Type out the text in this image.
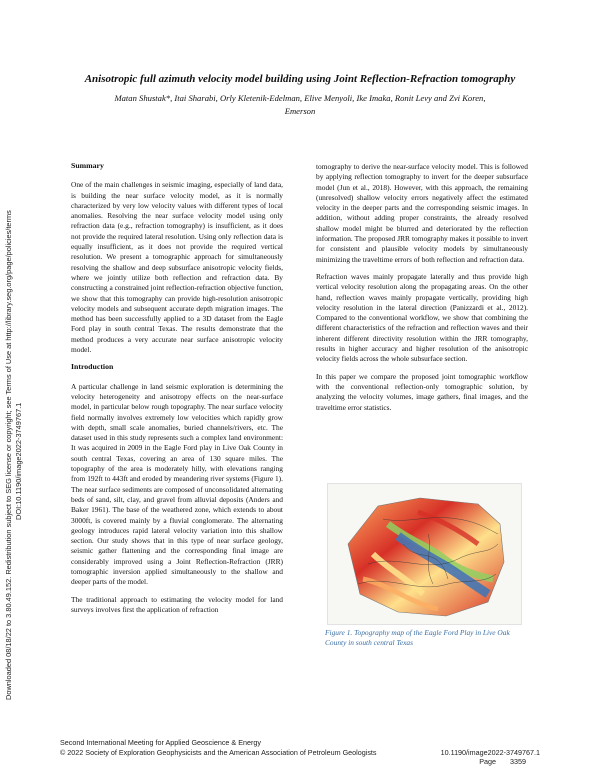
Downloaded 08/18/22 to 3.80.49.152. Redistribution subject to SEG license or copyright; see Terms of Use at http://library.seg.org/page/policies/terms DOI:10.1190/image2022-3749767.1
Anisotropic full azimuth velocity model building using Joint Reflection-Refraction tomography
Matan Shustak*, Itai Sharabi, Orly Kletenik-Edelman, Elive Menyoli, Ike Imaka, Ronit Levy and Zvi Koren,
Emerson
Summary

One of the main challenges in seismic imaging, especially of land data, is building the near surface velocity model, as it is normally characterized by very low velocity values with different types of local anomalies. Resolving the near surface velocity model using only refraction data (e.g., refraction tomography) is insufficient, as it does not provide the required lateral resolution. Using only reflection data is equally insufficient, as it does not provide the required vertical resolution. We present a tomographic approach for simultaneously resolving the shallow and deep subsurface anisotropic velocity fields, where we jointly utilize both reflection and refraction data. By constructing a constrained joint reflection-refraction objective function, we show that this tomography can provide high-resolution anisotropic velocity models and subsequent accurate depth migration images. The method has been successfully applied to a 3D dataset from the Eagle Ford play in south central Texas. The results demonstrate that the method produces a very accurate near surface anisotropic velocity model.

Introduction

A particular challenge in land seismic exploration is determining the velocity heterogeneity and anisotropy effects on the near-surface model, in particular below rough topography. The near surface velocity field normally involves extremely low velocities which rapidly grow with depth, small scale anomalies, buried channels/rivers, etc. The dataset used in this study represents such a complex land environment: It was acquired in 2009 in the Eagle Ford play in Live Oak County in south central Texas, covering an area of 130 square miles. The topography of the area is moderately hilly, with elevations ranging from 192ft to 443ft and eroded by meandering river systems (Figure 1). The near surface sediments are composed of unconsolidated alternating beds of sand, silt, clay, and gravel from alluvial deposits (Anders and Baker 1961). The base of the weathered zone, which extends to about 3000ft, is covered mainly by a fluvial conglomerate. The alternating geology introduces rapid lateral velocity variation into this shallow section. Our study shows that in this type of near surface geology, seismic gather flattening and the corresponding final image are considerably improved using a Joint Reflection-Refraction (JRR) tomographic inversion applied simultaneously to the shallow and deeper parts of the model.

The traditional approach to estimating the velocity model for land surveys involves first the application of refraction

tomography to derive the near-surface velocity model. This is followed by applying reflection tomography to invert for the deeper subsurface model (Jun et al., 2018). However, with this approach, the remaining (unresolved) shallow velocity errors negatively affect the estimated velocity in the deeper parts and the corresponding seismic images. In addition, without adding proper constraints, the already resolved shallow model might be blurred and deteriorated by the reflection information. The proposed JRR tomography makes it possible to invert for consistent and plausible velocity models by simultaneously minimizing the traveltime errors of both reflection and refraction data.

Refraction waves mainly propagate laterally and thus provide high vertical velocity resolution along the propagating areas. On the other hand, reflection waves mainly propagate vertically, providing high velocity resolution in the lateral direction (Panizzardi et al., 2012). Compared to the conventional workflow, we show that combining the different characteristics of the refraction and reflection waves and their inherent different directivity resolution within the JRR tomography, results in higher accuracy and higher resolution of the anisotropic velocity fields across the whole subsurface section.

In this paper we compare the proposed joint tomographic workflow with the conventional reflection-only tomographic solution, by analyzing the velocity volumes, image gathers, final images, and the traveltime error statistics.

Figure 1. Topography map of the Eagle Ford Play in Live Oak County in south central Texas
Second International Meeting for Applied Geoscience & Energy
© 2022 Society of Exploration Geophysicists and the American Association of Petroleum Geologists	10.1190/image2022-3749767.1
Page 3359
